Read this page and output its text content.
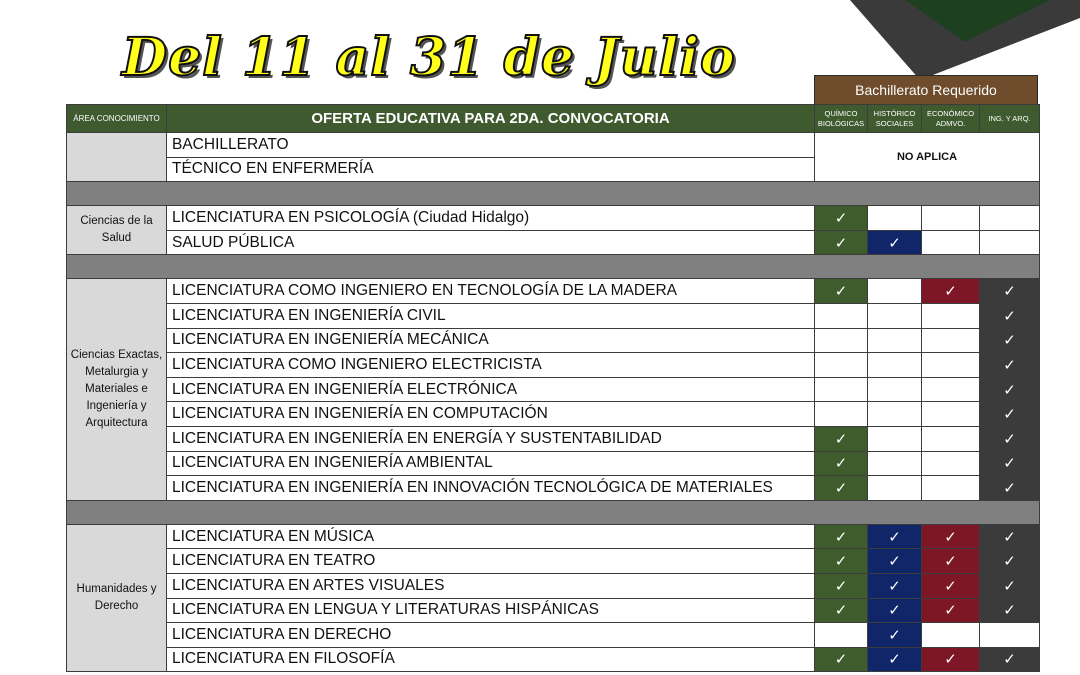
Del 11 al 31 de Julio
Bachillerato Requerido
ÁREA CONOCIMIENTO	OFERTA EDUCATIVA PARA 2DA. CONVOCATORIA	QUÍMICO BIOLÓGICAS	HISTÓRICO SOCIALES	ECONÓMICO ADMVO.	ING. Y ARQ.
	BACHILLERATO	NO APLICA			
	TÉCNICO EN ENFERMERÍA				

Ciencias de la Salud	LICENCIATURA EN PSICOLOGÍA (Ciudad Hidalgo)	✓			
	SALUD PÚBLICA	✓	✓		

Ciencias Exactas, Metalurgia y Materiales e Ingeniería y Arquitectura	LICENCIATURA COMO INGENIERO EN TECNOLOGÍA DE LA MADERA	✓		✓	✓
	LICENCIATURA EN INGENIERÍA CIVIL				✓
	LICENCIATURA EN INGENIERÍA MECÁNICA				✓
	LICENCIATURA COMO INGENIERO ELECTRICISTA				✓
	LICENCIATURA EN INGENIERÍA ELECTRÓNICA				✓
	LICENCIATURA EN INGENIERÍA EN COMPUTACIÓN				✓
	LICENCIATURA EN INGENIERÍA EN ENERGÍA Y SUSTENTABILIDAD	✓			✓
	LICENCIATURA EN INGENIERÍA AMBIENTAL	✓			✓
	LICENCIATURA EN INGENIERÍA EN INNOVACIÓN TECNOLÓGICA DE MATERIALES	✓			✓

Humanidades y Derecho	LICENCIATURA EN MÚSICA	✓	✓	✓	✓
	LICENCIATURA EN TEATRO	✓	✓	✓	✓
	LICENCIATURA EN ARTES VISUALES	✓	✓	✓	✓
	LICENCIATURA EN LENGUA Y LITERATURAS HISPÁNICAS	✓	✓	✓	✓
	LICENCIATURA EN DERECHO		✓		
	LICENCIATURA EN FILOSOFÍA	✓	✓	✓	✓
